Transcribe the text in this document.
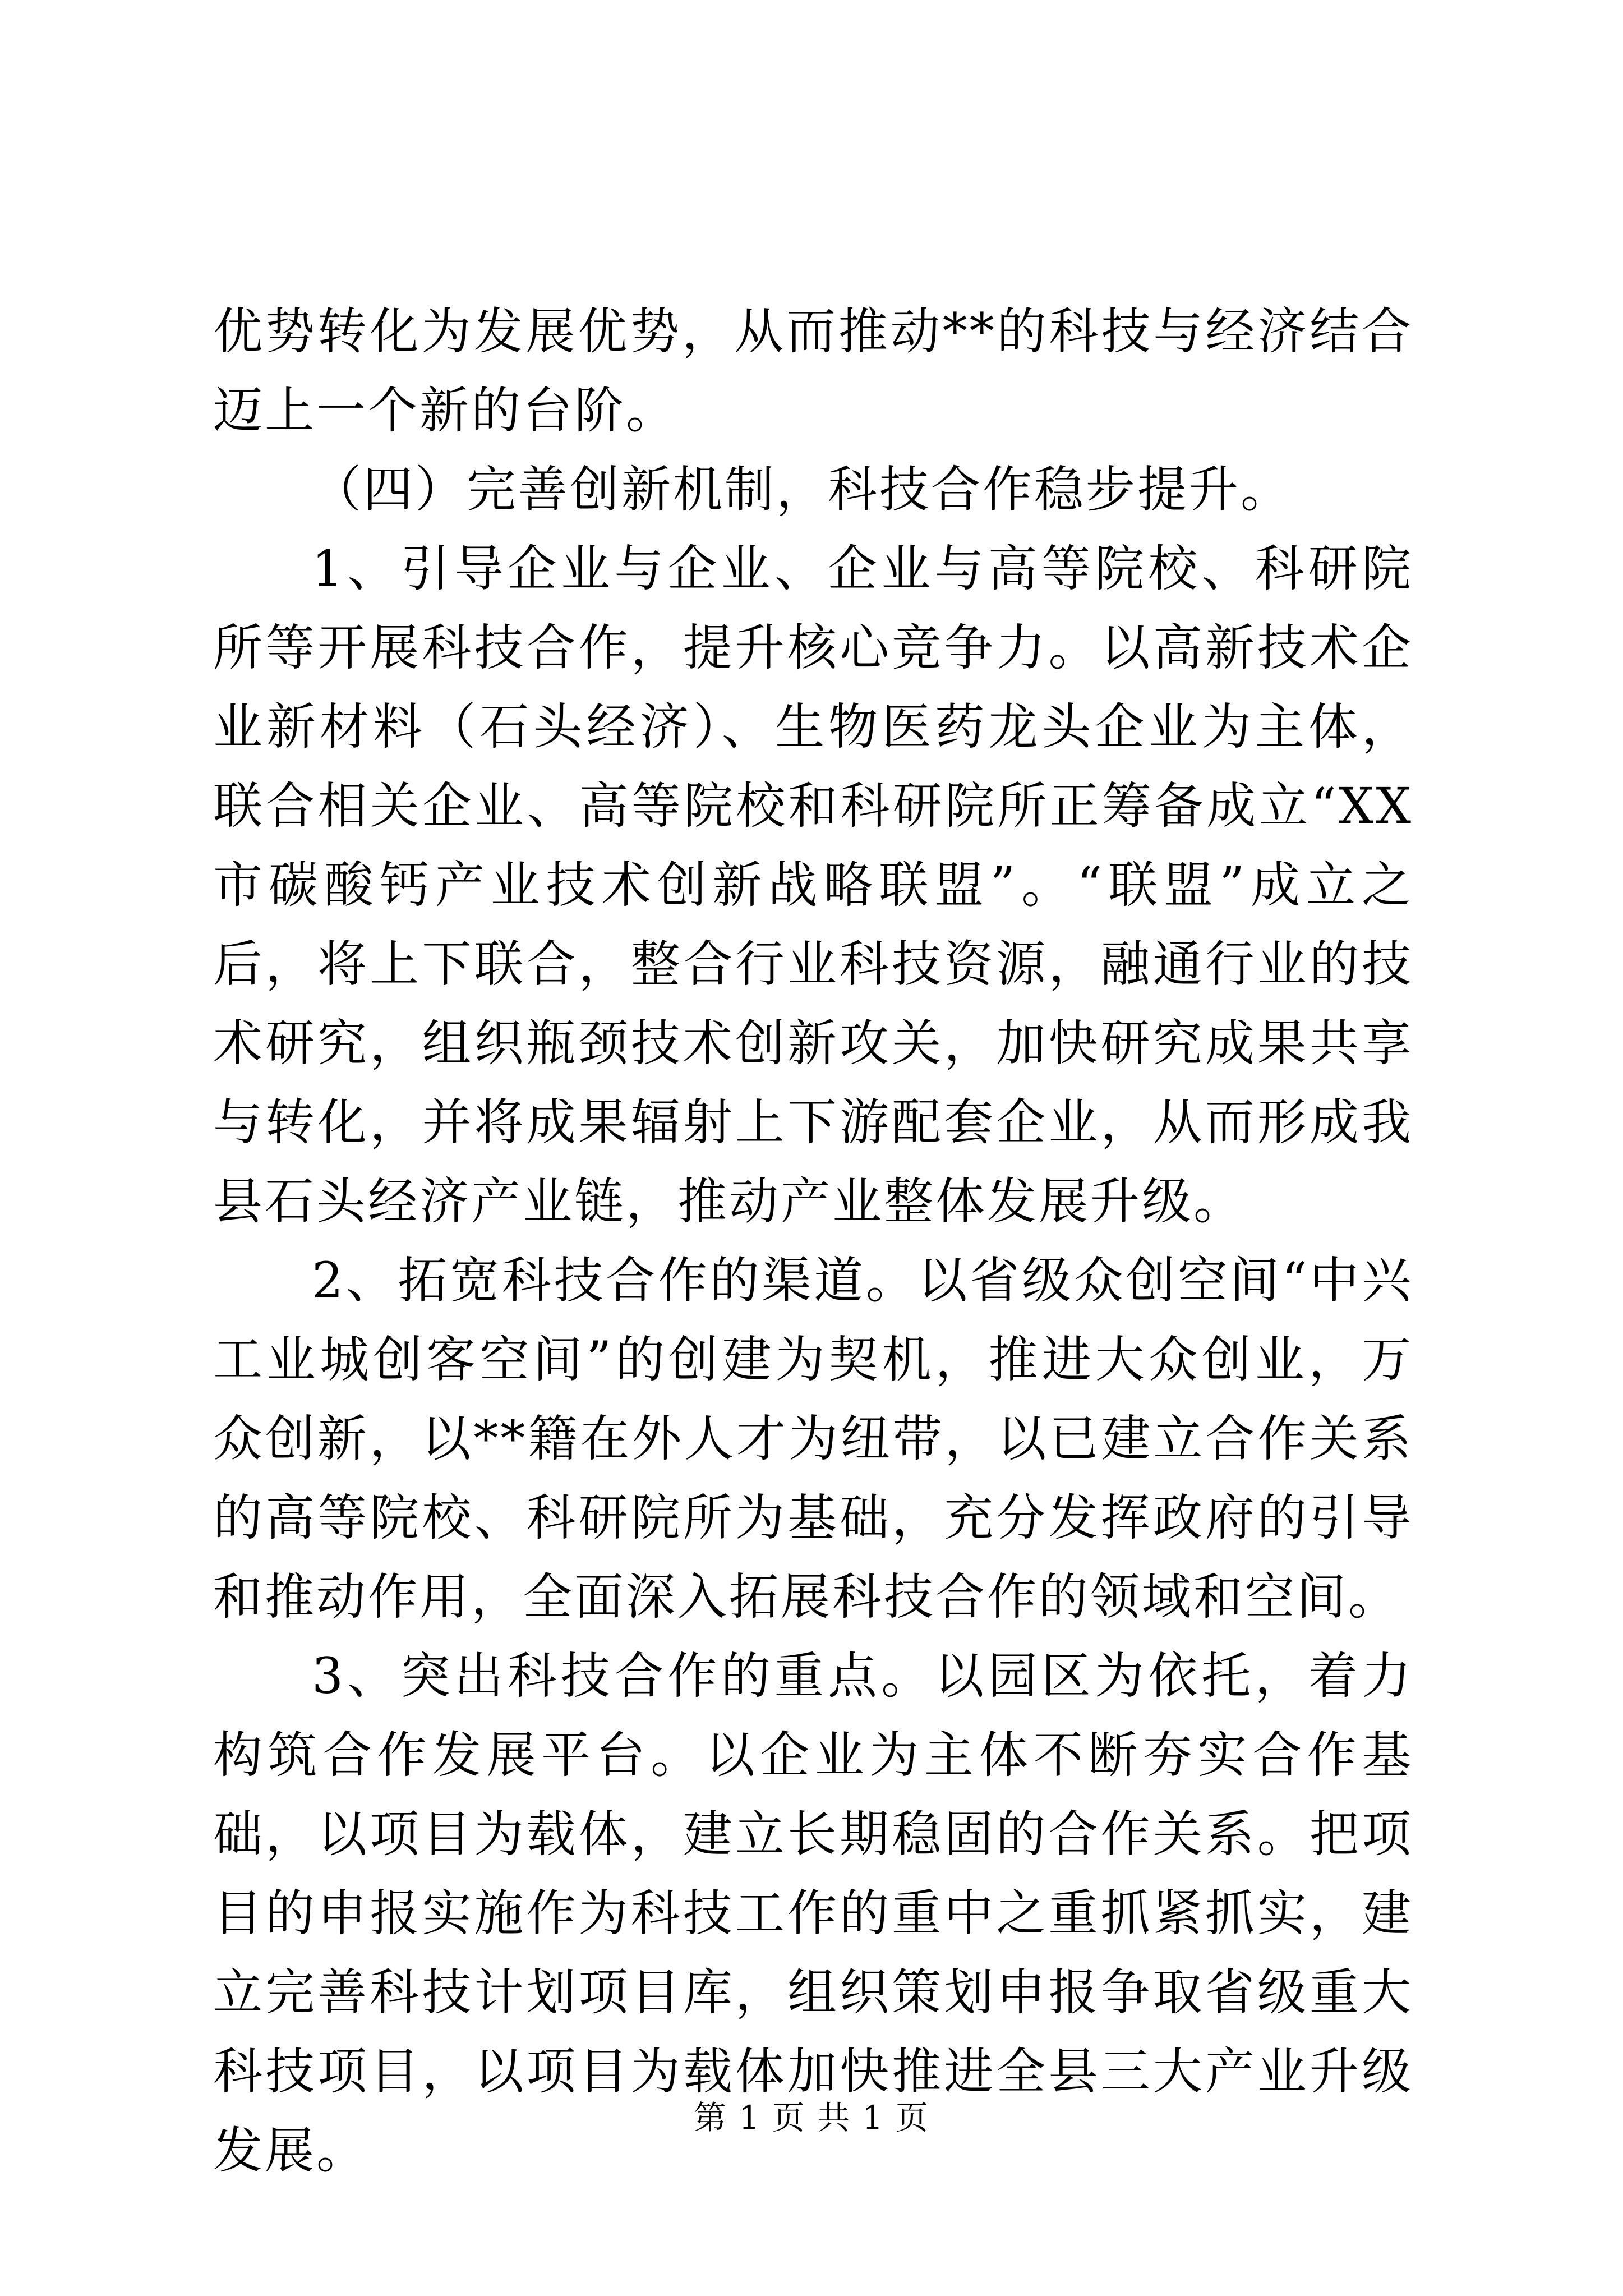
优势转化为发展优势，从而推动**的科技与经济结合迈上一个新的台阶。

（四）完善创新机制，科技合作稳步提升。

1、引导企业与企业、企业与高等院校、科研院所等开展科技合作，提升核心竞争力。以高新技术企业新材料（石头经济）、生物医药龙头企业为主体，联合相关企业、高等院校和科研院所正筹备成立“XX市碳酸钙产业技术创新战略联盟”。“联盟”成立之后，将上下联合，整合行业科技资源，融通行业的技术研究，组织瓶颈技术创新攻关，加快研究成果共享与转化，并将成果辐射上下游配套企业，从而形成我县石头经济产业链，推动产业整体发展升级。

2、拓宽科技合作的渠道。以省级众创空间“中兴工业城创客空间”的创建为契机，推进大众创业，万众创新，以**籍在外人才为纽带，以已建立合作关系的高等院校、科研院所为基础，充分发挥政府的引导和推动作用，全面深入拓展科技合作的领域和空间。

3、突出科技合作的重点。以园区为依托，着力构筑合作发展平台。以企业为主体不断夯实合作基础，以项目为载体，建立长期稳固的合作关系。把项目的申报实施作为科技工作的重中之重抓紧抓实，建立完善科技计划项目库，组织策划申报争取省级重大科技项目，以项目为载体加快推进全县三大产业升级发展。

第 1 页 共 1 页
